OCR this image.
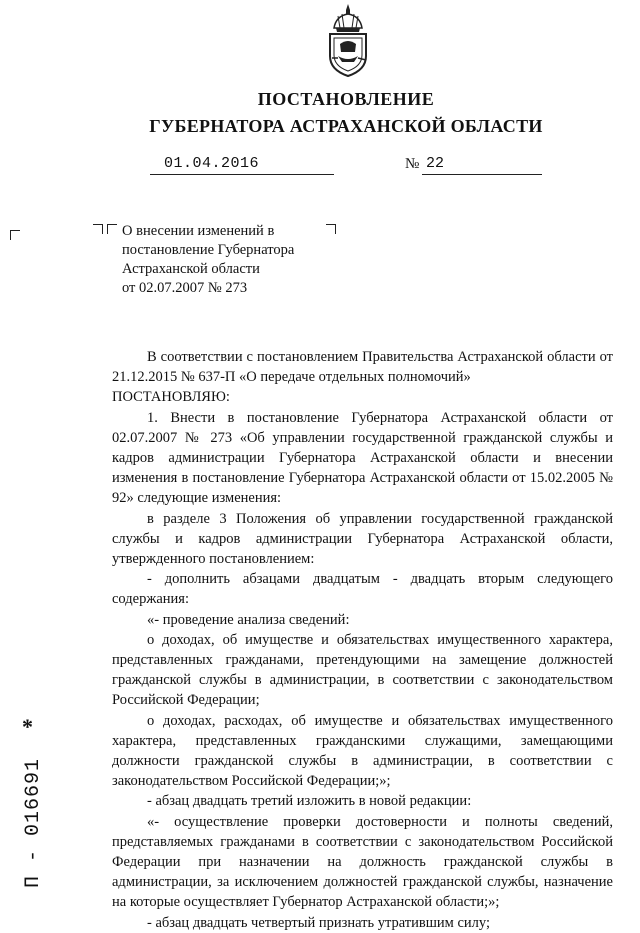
ПОСТАНОВЛЕНИЕ
ГУБЕРНАТОРА АСТРАХАНСКОЙ ОБЛАСТИ
01.04.2016	№ 22
О внесении изменений в
постановление Губернатора
Астраханской области
от 02.07.2007 № 273

В соответствии с постановлением Правительства Астраханской области от 21.12.2015 № 637-П «О передаче отдельных полномочий»

ПОСТАНОВЛЯЮ:

1. Внести в постановление Губернатора Астраханской области от 02.07.2007 № 273 «Об управлении государственной гражданской службы и кадров администрации Губернатора Астраханской области и внесении изменения в постановление Губернатора Астраханской области от 15.02.2005 № 92» следующие изменения:

в разделе 3 Положения об управлении государственной гражданской службы и кадров администрации Губернатора Астраханской области, утвержденного постановлением:

- дополнить абзацами двадцатым - двадцать вторым следующего содержания:

«- проведение анализа сведений:

о доходах, об имуществе и обязательствах имущественного характера, представленных гражданами, претендующими на замещение должностей гражданской службы в администрации, в соответствии с законодательством Российской Федерации;

о доходах, расходах, об имуществе и обязательствах имущественного характера, представленных гражданскими служащими, замещающими должности гражданской службы в администрации, в соответствии с законодательством Российской Федерации;»;

- абзац двадцать третий изложить в новой редакции:

«- осуществление проверки достоверности и полноты сведений, представляемых гражданами в соответствии с законодательством Российской Федерации при назначении на должность гражданской службы в администрации, за исключением должностей гражданской службы, назначение на которые осуществляет Губернатор Астраханской области;»;

- абзац двадцать четвертый признать утратившим силу;

*
П - 016691
